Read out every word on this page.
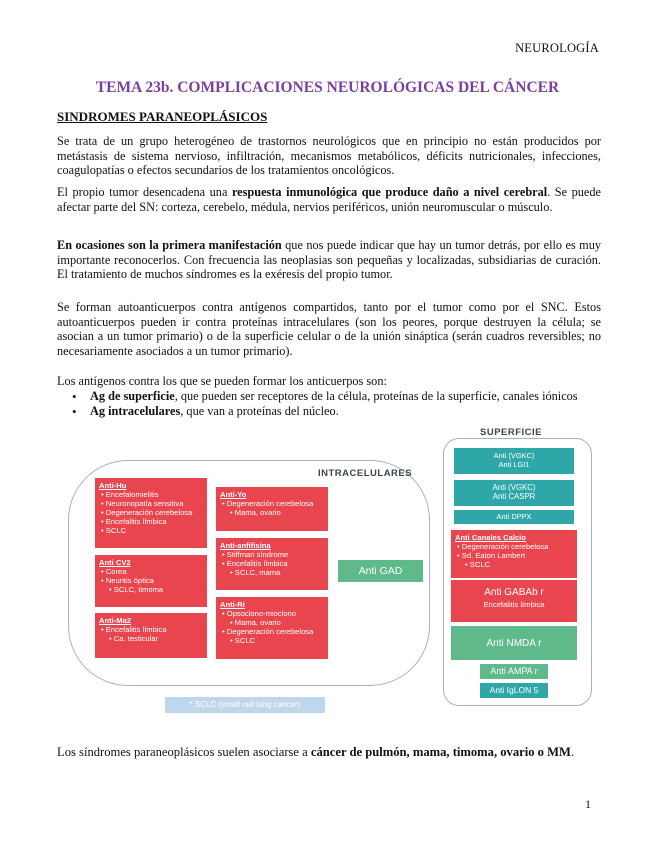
NEUROLOGÍA
TEMA 23b. COMPLICACIONES NEUROLÓGICAS DEL CÁNCER
SINDROMES PARANEOPLÁSICOS

Se trata de un grupo heterogéneo de trastornos neurológicos que en principio no están producidos por metástasis de sistema nervioso, infiltración, mecanismos metabólicos, déficits nutricionales, infecciones, coagulopatías o efectos secundarios de los tratamientos oncológicos.

El propio tumor desencadena una respuesta inmunológica que produce daño a nivel cerebral. Se puede afectar parte del SN: corteza, cerebelo, médula, nervios periféricos, unión neuromuscular o músculo.

En ocasiones son la primera manifestación que nos puede indicar que hay un tumor detrás, por ello es muy importante reconocerlos. Con frecuencia las neoplasias son pequeñas y localizadas, subsidiarias de curación. El tratamiento de muchos síndromes es la exéresis del propio tumor.

Se forman autoanticuerpos contra antígenos compartidos, tanto por el tumor como por el SNC. Estos autoanticuerpos pueden ir contra proteínas intracelulares (son los peores, porque destruyen la célula; se asocian a un tumor primario) o de la superficie celular o de la unión sináptica (serán cuadros reversibles; no necesariamente asociados a un tumor primario).

Los antígenos contra los que se pueden formar los anticuerpos son:

• Ag de superficie, que pueden ser receptores de la célula, proteínas de la superficie, canales iónicos
• Ag intracelulares, que van a proteínas del núcleo.
INTRACELULARES
SUPERFICIE
Anti-Hu
• Encefalomielitis
• Neuronopatía sensitiva
• Degeneración cerebelosa
• Encefalitis límbica
• SCLC
Anti CV2
• Corea
• Neuritis óptica
• SCLC, timoma
Anti-Ma2
• Encefalitis límbica
• Ca. testicular
Anti-Yo
• Degeneración cerebelosa
• Mama, ovario
Anti-anfifisina
• Stiffman síndrome
• Encefalitis límbica
• SCLC, mama
Anti-Ri
• Opsoclono-mioclono
• Mama, ovario
• Degeneración cerebelosa
• SCLC
Anti GAD
* SCLC (small cell lung cancer)
Anti (VGKC)
Anti LGI1
Anti (VGKC)
Anti CASPR
Anti DPPX
Anti Canales Calcio
• Degeneración cerebelosa
• Sd. Eaton Lambert
• SCLC
Anti GABAb r
Encefalitis límbica
Anti NMDA r
Anti AMPA r
Anti IgLON 5

Los síndromes paraneoplásicos suelen asociarse a cáncer de pulmón, mama, timoma, ovario o MM.

1
